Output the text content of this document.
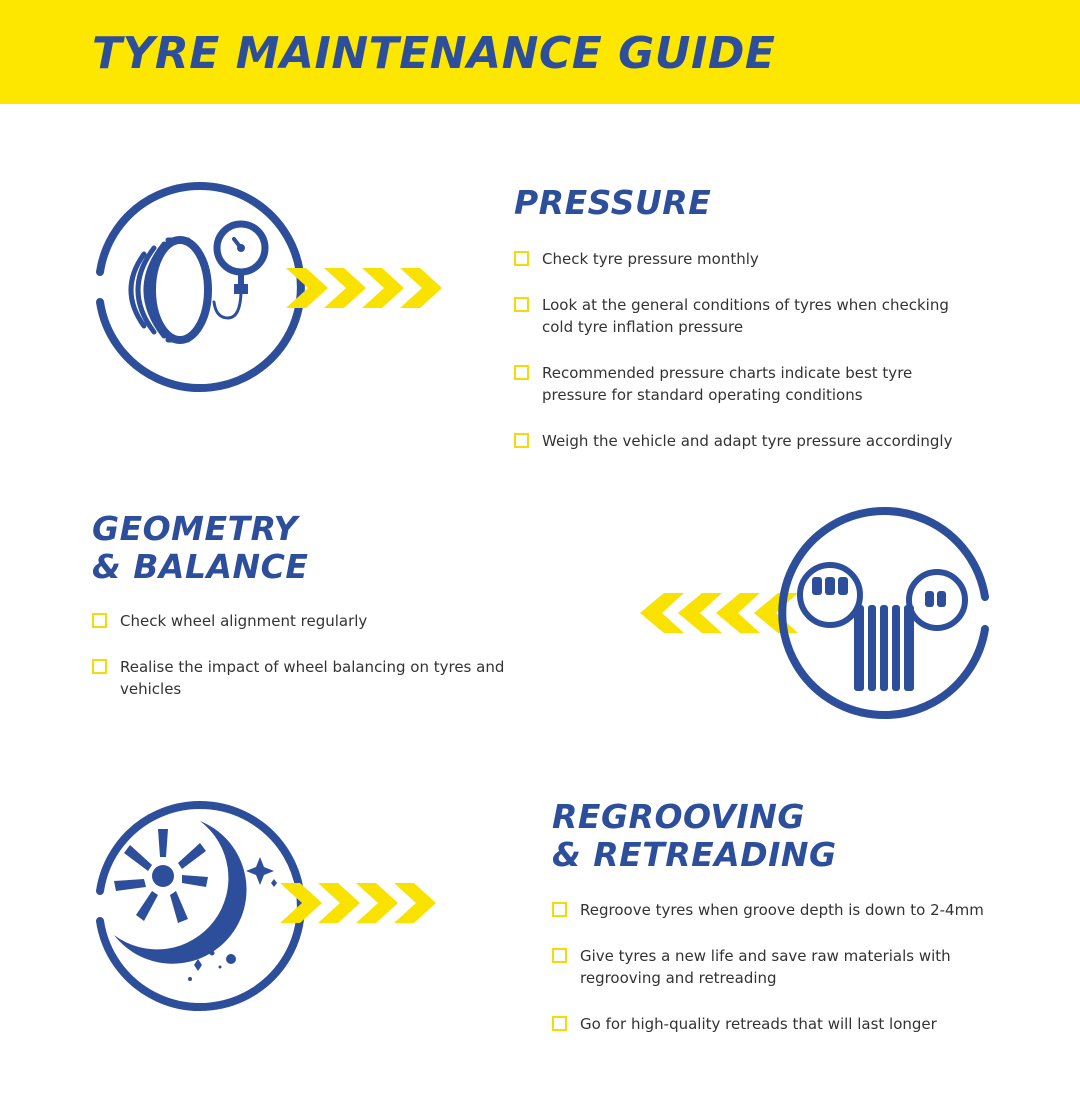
TYRE MAINTENANCE GUIDE
PRESSURE
Check tyre pressure monthly
Look at the general conditions of tyres when checking cold tyre inflation pressure
Recommended pressure charts indicate best tyre pressure for standard operating conditions
Weigh the vehicle and adapt tyre pressure accordingly
GEOMETRY
& BALANCE
Check wheel alignment regularly
Realise the impact of wheel balancing on tyres and vehicles
REGROOVING
& RETREADING
Regroove tyres when groove depth is down to 2-4mm
Give tyres a new life and save raw materials with regrooving and retreading
Go for high-quality retreads that will last longer
